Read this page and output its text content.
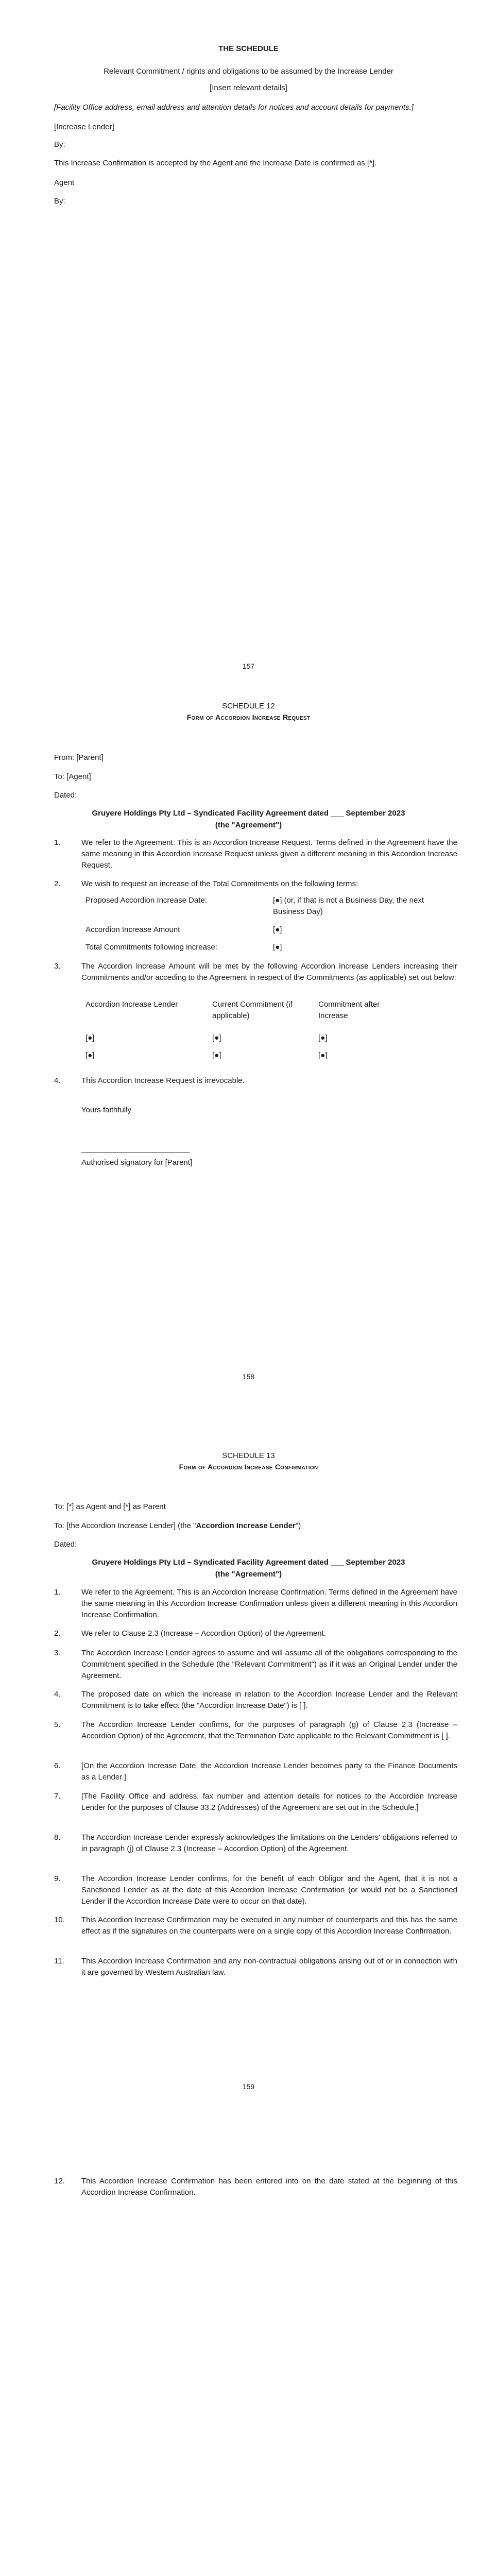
THE SCHEDULE
Relevant Commitment / rights and obligations to be assumed by the Increase Lender
[Insert relevant details]
[Facility Office address, email address and attention details for notices and account details for payments.]
[Increase Lender]
By:
This Increase Confirmation is accepted by the Agent and the Increase Date is confirmed as [*].
Agent
By:
157
SCHEDULE 12
Form of Accordion Increase Request
From: [Parent]
To: [Agent]
Dated:
Gruyere Holdings Pty Ltd – Syndicated Facility Agreement dated ___ September 2023
(the "Agreement")
1.	We refer to the Agreement. This is an Accordion Increase Request. Terms defined in the Agreement have the same meaning in this Accordion Increase Request unless given a different meaning in this Accordion Increase Request.
2.	We wish to request an increase of the Total Commitments on the following terms:
Proposed Accordion Increase Date:	[●] (or, if that is not a Business Day, the next Business Day)
Accordion Increase Amount	[●]
Total Commitments following increase:	[●]
3.	The Accordion Increase Amount will be met by the following Accordion Increase Lenders increasing their Commitments and/or acceding to the Agreement in respect of the Commitments (as applicable) set out below:
Accordion Increase Lender	Current Commitment (if applicable)	Commitment after Increase
[●]	[●]	[●]
[●]	[●]	[●]
4.	This Accordion Increase Request is irrevocable.
Yours faithfully
Authorised signatory for [Parent]
158
SCHEDULE 13
Form of Accordion Increase Confirmation
To: [*] as Agent and [*] as Parent
To: [the Accordion Increase Lender] (the "Accordion Increase Lender")
Dated:
Gruyere Holdings Pty Ltd – Syndicated Facility Agreement dated ___ September 2023
(the "Agreement")
1.	We refer to the Agreement. This is an Accordion Increase Confirmation. Terms defined in the Agreement have the same meaning in this Accordion Increase Confirmation unless given a different meaning in this Accordion Increase Confirmation.
2.	We refer to Clause 2.3 (Increase – Accordion Option) of the Agreement.
3.	The Accordion Increase Lender agrees to assume and will assume all of the obligations corresponding to the Commitment specified in the Schedule (the "Relevant Commitment") as if it was an Original Lender under the Agreement.
4.	The proposed date on which the increase in relation to the Accordion Increase Lender and the Relevant Commitment is to take effect (the "Accordion Increase Date") is [ ].
5.	The Accordion Increase Lender confirms, for the purposes of paragraph (g) of Clause 2.3 (Increase – Accordion Option) of the Agreement, that the Termination Date applicable to the Relevant Commitment is [ ].
6.	[On the Accordion Increase Date, the Accordion Increase Lender becomes party to the Finance Documents as a Lender.]
7.	[The Facility Office and address, fax number and attention details for notices to the Accordion Increase Lender for the purposes of Clause 33.2 (Addresses) of the Agreement are set out in the Schedule.]
8.	The Accordion Increase Lender expressly acknowledges the limitations on the Lenders' obligations referred to in paragraph (j) of Clause 2.3 (Increase – Accordion Option) of the Agreement.
9.	The Accordion Increase Lender confirms, for the benefit of each Obligor and the Agent, that it is not a Sanctioned Lender as at the date of this Accordion Increase Confirmation (or would not be a Sanctioned Lender if the Accordion Increase Date were to occur on that date).
10.	This Accordion Increase Confirmation may be executed in any number of counterparts and this has the same effect as if the signatures on the counterparts were on a single copy of this Accordion Increase Confirmation.
11.	This Accordion Increase Confirmation and any non-contractual obligations arising out of or in connection with it are governed by Western Australian law.
159
12.	This Accordion Increase Confirmation has been entered into on the date stated at the beginning of this Accordion Increase Confirmation.
